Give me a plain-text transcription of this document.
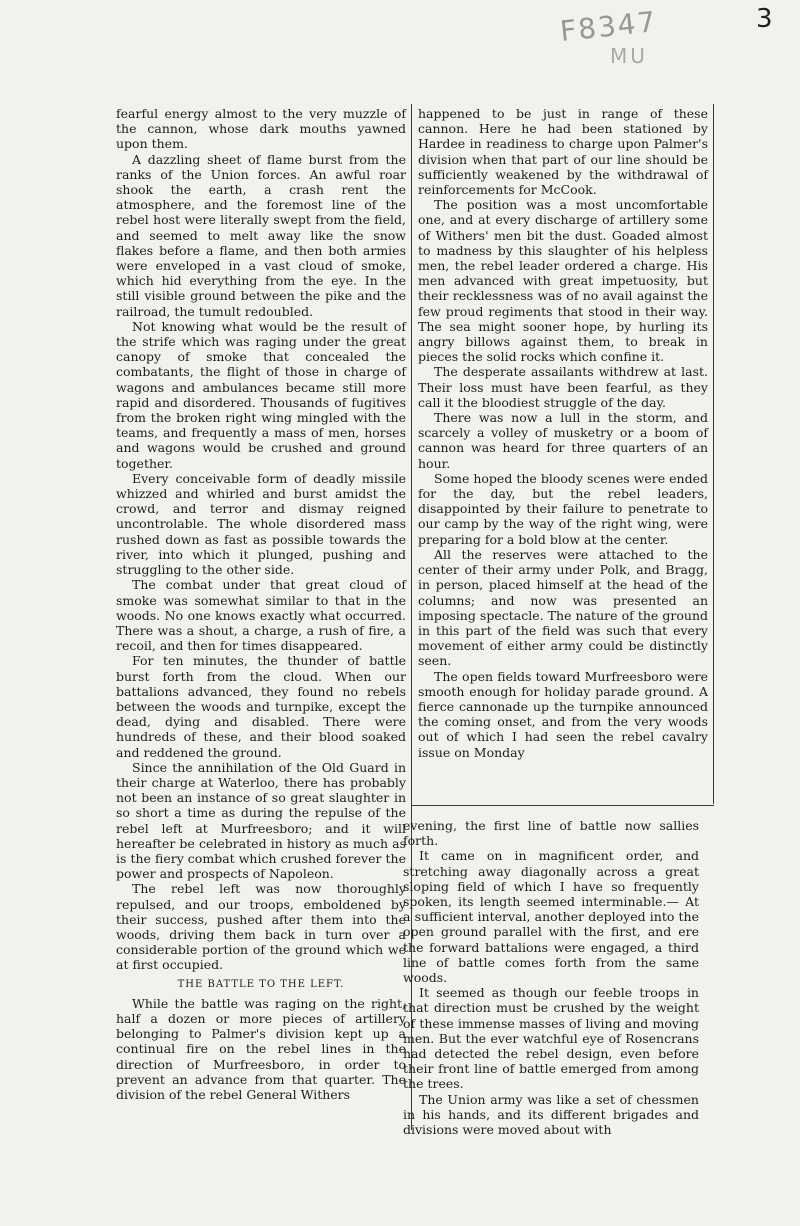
F8347
MU
3

fearful energy almost to the very muzzle of the cannon, whose dark mouths yawned upon them.

A dazzling sheet of flame burst from the ranks of the Union forces. An awful roar shook the earth, a crash rent the atmosphere, and the foremost line of the rebel host were literally swept from the field, and seemed to melt away like the snow flakes before a flame, and then both armies were enveloped in a vast cloud of smoke, which hid everything from the eye. In the still visible ground between the pike and the railroad, the tumult redoubled.

Not knowing what would be the result of the strife which was raging under the great canopy of smoke that concealed the combatants, the flight of those in charge of wagons and ambulances became still more rapid and disordered. Thousands of fugitives from the broken right wing mingled with the teams, and frequently a mass of men, horses and wagons would be crushed and ground together.

Every conceivable form of deadly missile whizzed and whirled and burst amidst the crowd, and terror and dismay reigned uncontrolable. The whole disordered mass rushed down as fast as possible towards the river, into which it plunged, pushing and struggling to the other side.

The combat under that great cloud of smoke was somewhat similar to that in the woods. No one knows exactly what occurred. There was a shout, a charge, a rush of fire, a recoil, and then for times disappeared.

For ten minutes, the thunder of battle burst forth from the cloud. When our battalions advanced, they found no rebels between the woods and turnpike, except the dead, dying and disabled. There were hundreds of these, and their blood soaked and reddened the ground.

Since the annihilation of the Old Guard in their charge at Waterloo, there has probably not been an instance of so great slaughter in so short a time as during the repulse of the rebel left at Murfreesboro; and it will hereafter be celebrated in history as much as is the fiery combat which crushed forever the power and prospects of Napoleon.

The rebel left was now thoroughly repulsed, and our troops, emboldened by their success, pushed after them into the woods, driving them back in turn over a considerable portion of the ground which we at first occupied.

THE BATTLE TO THE LEFT.

While the battle was raging on the right, half a dozen or more pieces of artillery belonging to Palmer's division kept up a continual fire on the rebel lines in the direction of Murfreesboro, in order to prevent an advance from that quarter. The division of the rebel General Withers

happened to be just in range of these cannon. Here he had been stationed by Hardee in readiness to charge upon Palmer's division when that part of our line should be sufficiently weakened by the withdrawal of reinforcements for McCook.

The position was a most uncomfortable one, and at every discharge of artillery some of Withers' men bit the dust. Goaded almost to madness by this slaughter of his helpless men, the rebel leader ordered a charge. His men advanced with great impetuosity, but their recklessness was of no avail against the few proud regiments that stood in their way. The sea might sooner hope, by hurling its angry billows against them, to break in pieces the solid rocks which confine it.

The desperate assailants withdrew at last. Their loss must have been fearful, as they call it the bloodiest struggle of the day.

There was now a lull in the storm, and scarcely a volley of musketry or a boom of cannon was heard for three quarters of an hour.

Some hoped the bloody scenes were ended for the day, but the rebel leaders, disappointed by their failure to penetrate to our camp by the way of the right wing, were preparing for a bold blow at the center.

All the reserves were attached to the center of their army under Polk, and Bragg, in person, placed himself at the head of the columns; and now was presented an imposing spectacle. The nature of the ground in this part of the field was such that every movement of either army could be distinctly seen.

The open fields toward Murfreesboro were smooth enough for holiday parade ground. A fierce cannonade up the turnpike announced the coming onset, and from the very woods out of which I had seen the rebel cavalry issue on Monday

evening, the first line of battle now sallies forth.

It came on in magnificent order, and stretching away diagonally across a great sloping field of which I have so frequently spoken, its length seemed interminable.— At a sufficient interval, another deployed into the open ground parallel with the first, and ere the forward battalions were engaged, a third line of battle comes forth from the same woods.

It seemed as though our feeble troops in that direction must be crushed by the weight of these immense masses of living and moving men. But the ever watchful eye of Rosencrans had detected the rebel design, even before their front line of battle emerged from among the trees.

The Union army was like a set of chessmen in his hands, and its different brigades and divisions were moved about with
